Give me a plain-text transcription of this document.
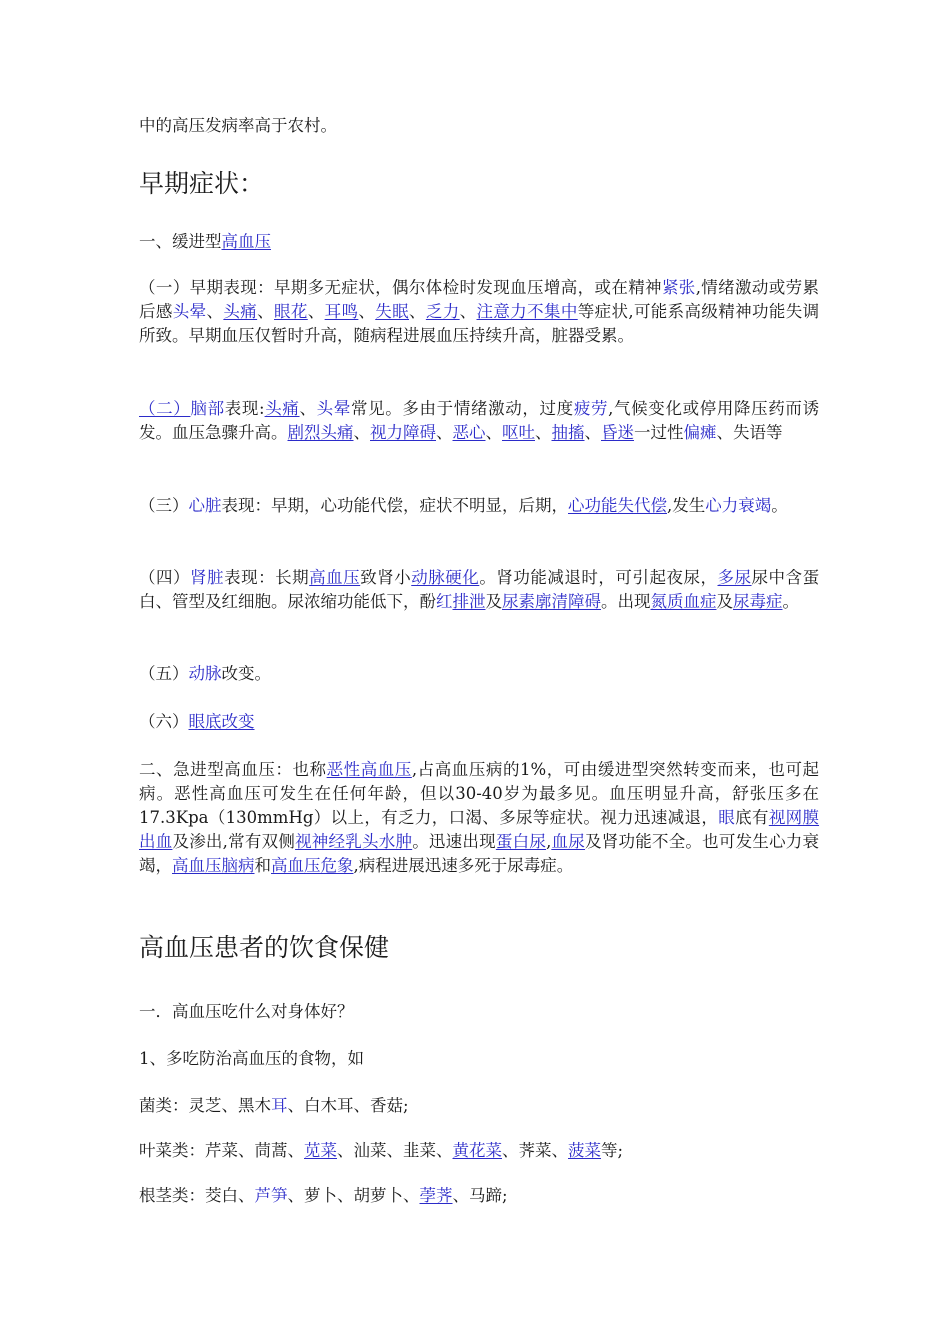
中的高压发病率高于农村。

早期症状：

一、缓进型高血压

（一）早期表现：早期多无症状，偶尔体检时发现血压增高，或在精神紧张,情绪激动或劳累后感头晕、头痛、眼花、耳鸣、失眠、乏力、注意力不集中等症状,可能系高级精神功能失调所致。早期血压仅暂时升高，随病程进展血压持续升高，脏器受累。

（二）脑部表现:头痛、头晕常见。多由于情绪激动，过度疲劳,气候变化或停用降压药而诱发。血压急骤升高。剧烈头痛、视力障碍、恶心、呕吐、抽搐、昏迷一过性偏瘫、失语等

（三）心脏表现：早期，心功能代偿，症状不明显，后期，心功能失代偿,发生心力衰竭。

（四）肾脏表现：长期高血压致肾小动脉硬化。肾功能减退时，可引起夜尿，多尿尿中含蛋白、管型及红细胞。尿浓缩功能低下，酚红排泄及尿素廓清障碍。出现氮质血症及尿毒症。

（五）动脉改变。

（六）眼底改变

二、急进型高血压：也称恶性高血压,占高血压病的1%，可由缓进型突然转变而来，也可起病。恶性高血压可发生在任何年龄，但以30-40岁为最多见。血压明显升高，舒张压多在17.3Kpa（130mmHg）以上，有乏力，口渴、多尿等症状。视力迅速减退，眼底有视网膜出血及渗出,常有双侧视神经乳头水肿。迅速出现蛋白尿,血尿及肾功能不全。也可发生心力衰竭，高血压脑病和高血压危象,病程进展迅速多死于尿毒症。

高血压患者的饮食保健

一．高血压吃什么对身体好？

1、多吃防治高血压的食物，如

菌类：灵芝、黑木耳、白木耳、香菇;

叶菜类：芹菜、茼蒿、苋菜、汕菜、韭菜、黄花菜、荠菜、菠菜等;

根茎类：茭白、芦笋、萝卜、胡萝卜、荸荠、马蹄;
